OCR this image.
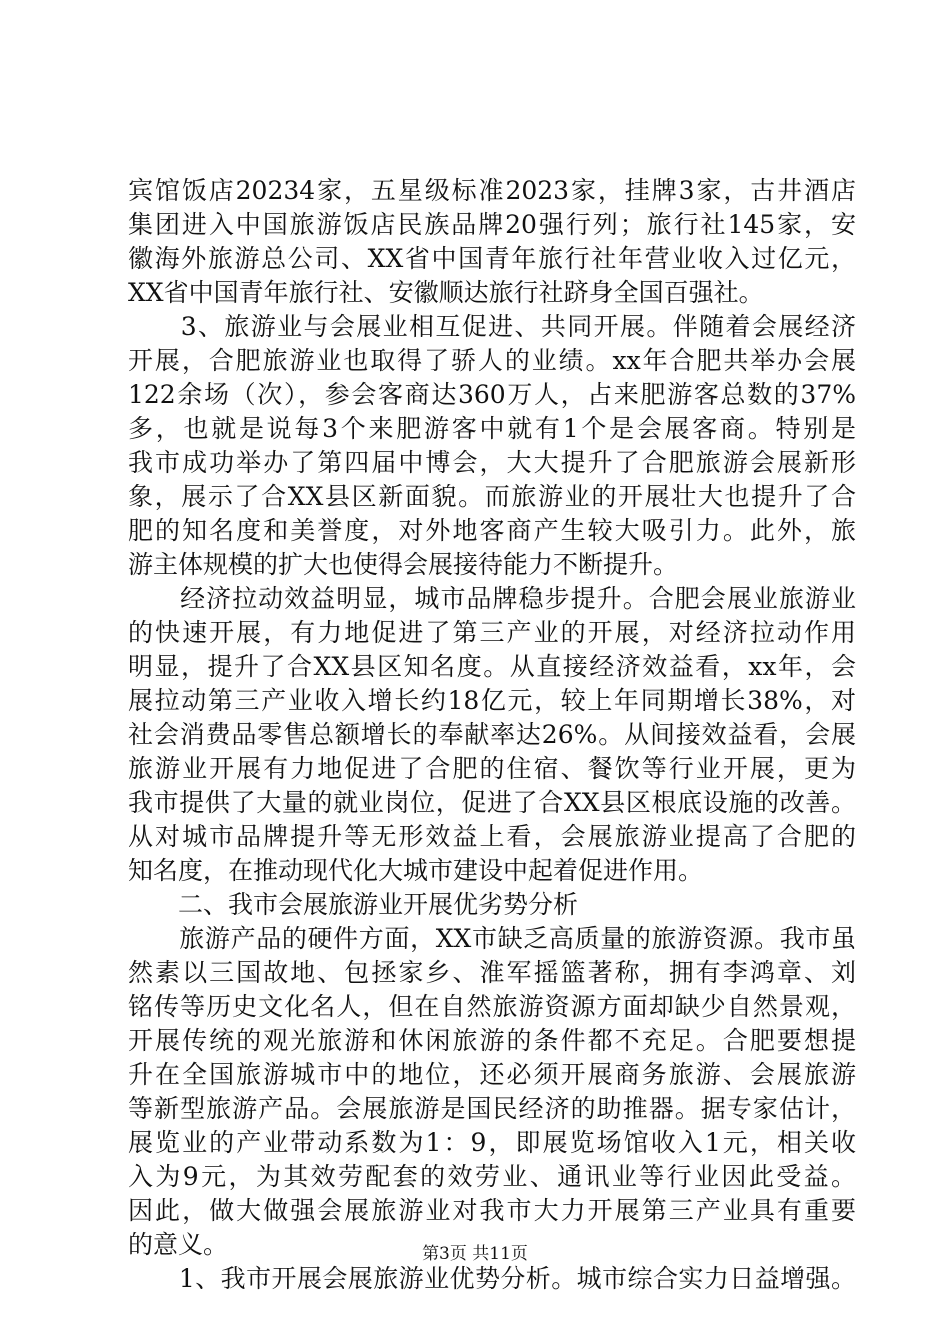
宾馆饭店20234家，五星级标准2023家，挂牌3家，古井酒店
集团进入中国旅游饭店民族品牌20强行列；旅行社145家，安
徽海外旅游总公司、XX省中国青年旅行社年营业收入过亿元，
XX省中国青年旅行社、安徽顺达旅行社跻身全国百强社。
　　3、旅游业与会展业相互促进、共同开展。伴随着会展经济
开展，合肥旅游业也取得了骄人的业绩。xx年合肥共举办会展
122余场（次），参会客商达360万人，占来肥游客总数的37%
多，也就是说每3个来肥游客中就有1个是会展客商。特别是
我市成功举办了第四届中博会，大大提升了合肥旅游会展新形
象，展示了合XX县区新面貌。而旅游业的开展壮大也提升了合
肥的知名度和美誉度，对外地客商产生较大吸引力。此外，旅
游主体规模的扩大也使得会展接待能力不断提升。
　　经济拉动效益明显，城市品牌稳步提升。合肥会展业旅游业
的快速开展，有力地促进了第三产业的开展，对经济拉动作用
明显，提升了合XX县区知名度。从直接经济效益看，xx年，会
展拉动第三产业收入增长约18亿元，较上年同期增长38%，对
社会消费品零售总额增长的奉献率达26%。从间接效益看，会展
旅游业开展有力地促进了合肥的住宿、餐饮等行业开展，更为
我市提供了大量的就业岗位，促进了合XX县区根底设施的改善。
从对城市品牌提升等无形效益上看，会展旅游业提高了合肥的
知名度，在推动现代化大城市建设中起着促进作用。
　　二、我市会展旅游业开展优劣势分析
　　旅游产品的硬件方面，XX市缺乏高质量的旅游资源。我市虽
然素以三国故地、包拯家乡、淮军摇篮著称，拥有李鸿章、刘
铭传等历史文化名人，但在自然旅游资源方面却缺少自然景观，
开展传统的观光旅游和休闲旅游的条件都不充足。合肥要想提
升在全国旅游城市中的地位，还必须开展商务旅游、会展旅游
等新型旅游产品。会展旅游是国民经济的助推器。据专家估计，
展览业的产业带动系数为1：9，即展览场馆收入1元，相关收
入为9元，为其效劳配套的效劳业、通讯业等行业因此受益。
因此，做大做强会展旅游业对我市大力开展第三产业具有重要
的意义。
　　1、我市开展会展旅游业优势分析。城市综合实力日益增强。
第3页 共11页
